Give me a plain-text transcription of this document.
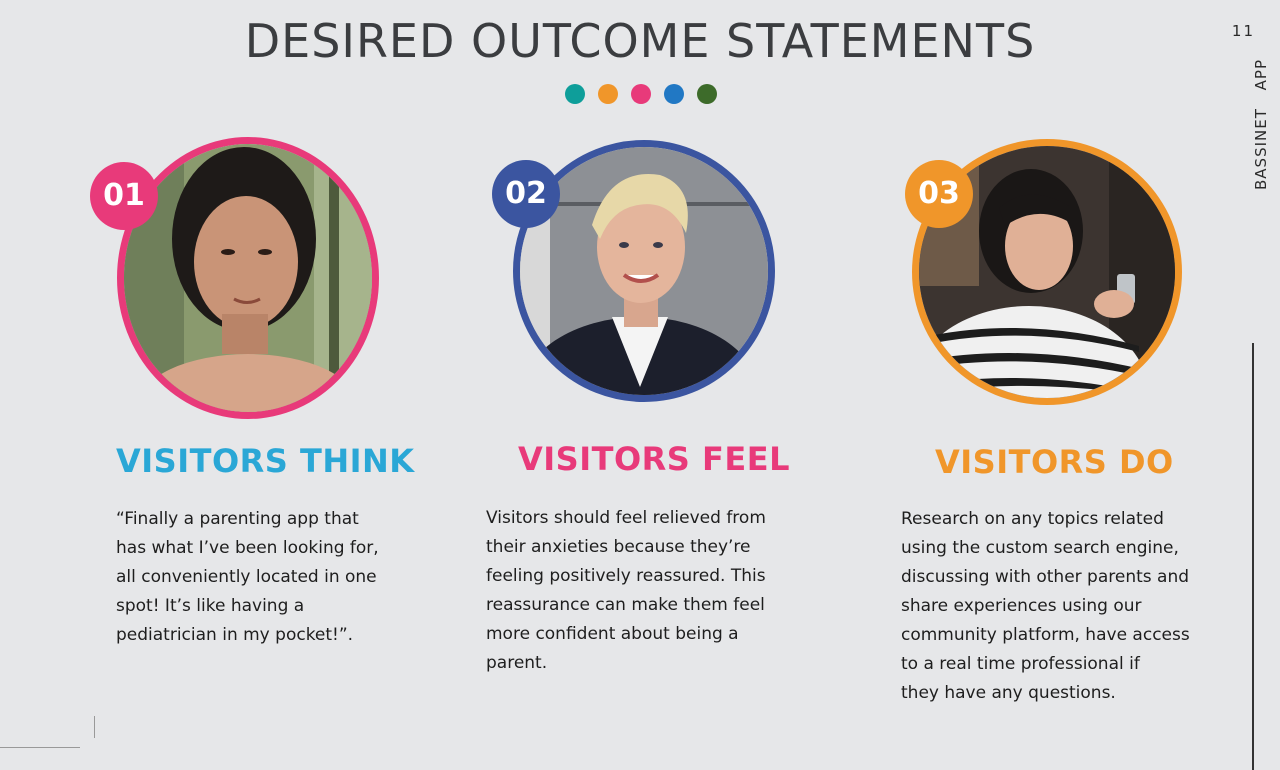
DESIRED OUTCOME STATEMENTS	11
BASSINET APP
01
VISITORS THINK
“Finally a parenting app that
has what I’ve been looking for,
all conveniently located in one
spot! It’s like having a
pediatrician in my pocket!”.
02
VISITORS FEEL
Visitors should feel relieved from
their anxieties because they’re
feeling positively reassured. This
reassurance can make them feel
more confident about being a
parent.
03
VISITORS DO
Research on any topics related
using the custom search engine,
discussing with other parents and
share experiences using our
community platform, have access
to a real time professional if
they have any questions.
